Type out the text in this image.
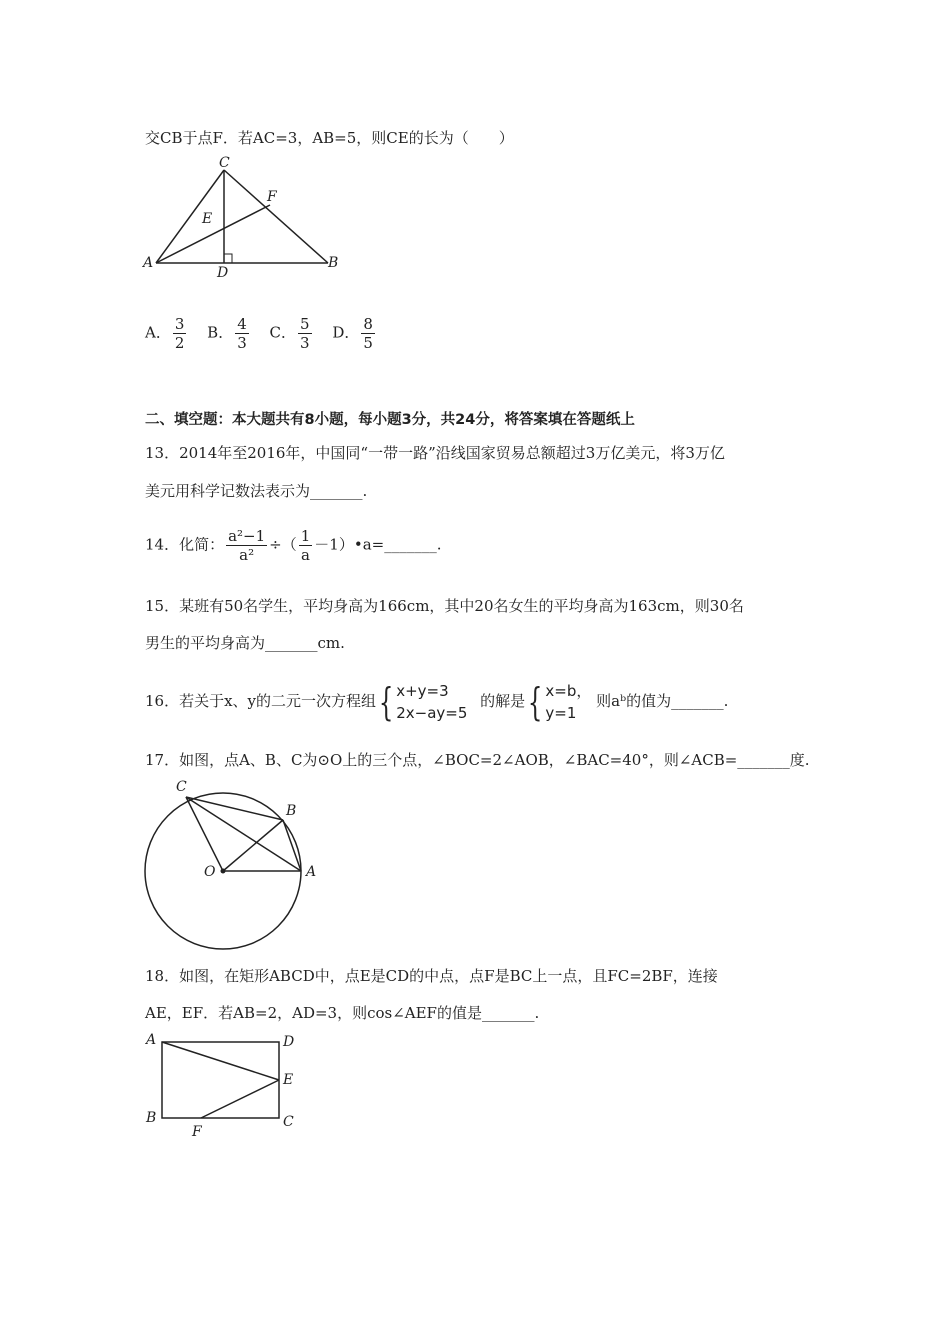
交CB于点F．若AC=3，AB=5，则CE的长为（　　）
C
F
E
A
D
B
A． $\frac{3}{2}$ B． $\frac{4}{3}$ C． $\frac{5}{3}$ D． $\frac{8}{5}$
二、填空题：本大题共有8小题，每小题3分，共24分，将答案填在答题纸上
13．2014年至2016年，中国同“一带一路”沿线国家贸易总额超过3万亿美元，将3万亿
美元用科学记数法表示为_______.
14．化简： $\frac{\text{a²−1}}{\text{a²}}$ ÷（ $\frac{1}{a}$ －1）•a=_______.
15．某班有50名学生，平均身高为166cm，其中20名女生的平均身高为163cm，则30名
男生的平均身高为_______cm.
16．若关于x、y的二元一次方程组{ x+y=3
2x−ay=5
的解是{ x=b，
y=1
则aᵇ的值为_______.
17．如图，点A、B、C为⊙O上的三个点，∠BOC=2∠AOB，∠BAC=40°，则∠ACB=_______度.
C
B
O	A
18．如图，在矩形ABCD中，点E是CD的中点，点F是BC上一点，且FC=2BF，连接
AE，EF．若AB=2，AD=3，则cos∠AEF的值是_______.
A	D
E
B
F
C
